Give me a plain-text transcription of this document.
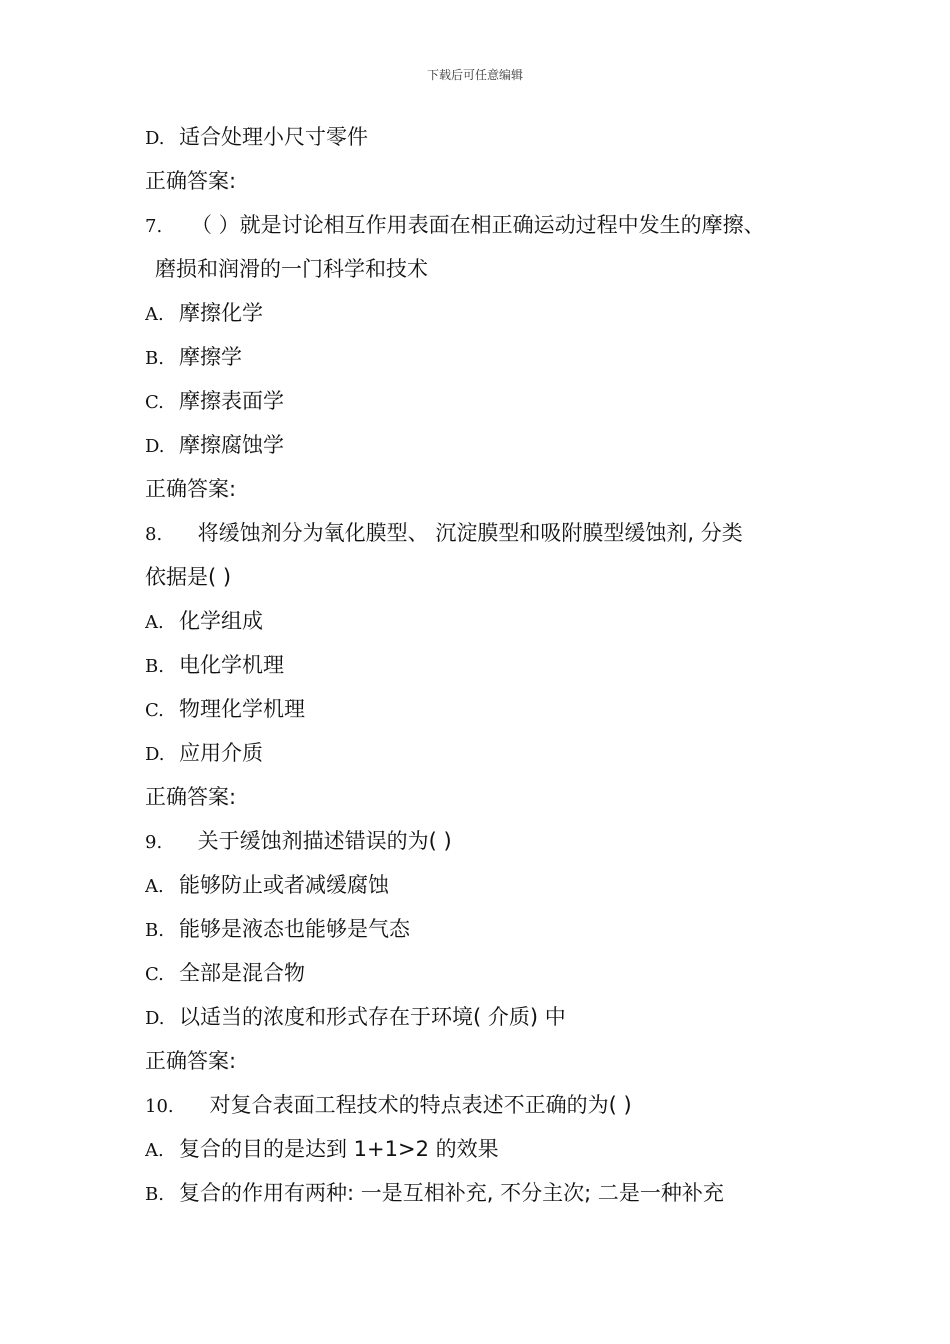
下载后可任意编辑
D. 适合处理小尺寸零件
正确答案:
7. （ ）就是讨论相互作用表面在相正确运动过程中发生的摩擦、
磨损和润滑的一门科学和技术
A. 摩擦化学
B. 摩擦学
C. 摩擦表面学
D. 摩擦腐蚀学
正确答案:
8. 将缓蚀剂分为氧化膜型、 沉淀膜型和吸附膜型缓蚀剂, 分类
依据是( )
A. 化学组成
B. 电化学机理
C. 物理化学机理
D. 应用介质
正确答案:
9. 关于缓蚀剂描述错误的为( )
A. 能够防止或者减缓腐蚀
B. 能够是液态也能够是气态
C. 全部是混合物
D. 以适当的浓度和形式存在于环境( 介质) 中
正确答案:
10. 对复合表面工程技术的特点表述不正确的为( )
A. 复合的目的是达到 1+1>2 的效果
B. 复合的作用有两种: 一是互相补充, 不分主次; 二是一种补充
